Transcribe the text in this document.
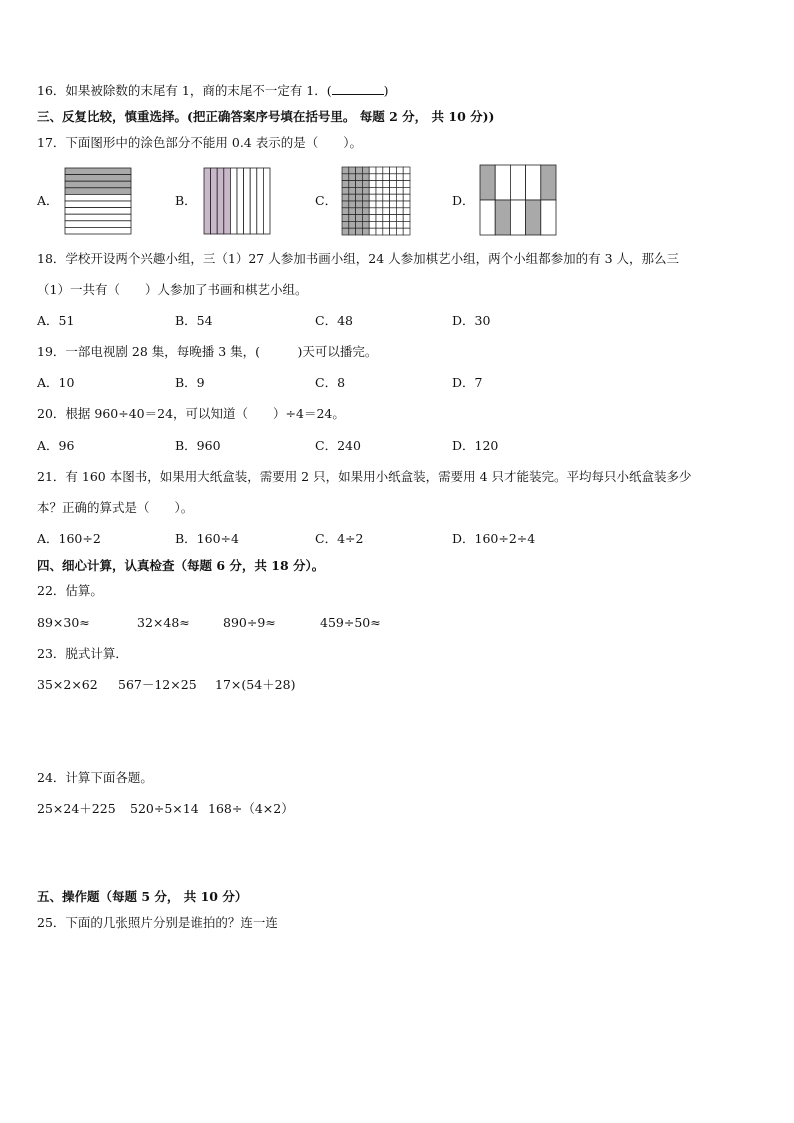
16．如果被除数的末尾有 1，商的末尾不一定有 1．(	)
三、反复比较，慎重选择。(把正确答案序号填在括号里。 每题 2 分， 共 10 分))
17．下面图形中的涂色部分不能用 0.4 表示的是（　　）。
A．	B．	C．	D．
18．学校开设两个兴趣小组，三（1）27 人参加书画小组，24 人参加棋艺小组，两个小组都参加的有 3 人，那么三
（1）一共有（　　）人参加了书画和棋艺小组。
A．51	B．54	C．48	D．30
19．一部电视剧 28 集，每晚播 3 集，(　　　)天可以播完。
A．10	B．9	C．8	D．7
20．根据 960÷40＝24，可以知道（　　）÷4＝24。
A．96	B．960	C．240	D．120
21．有 160 本图书，如果用大纸盒装，需要用 2 只，如果用小纸盒装，需要用 4 只才能装完。平均每只小纸盒装多少
本？正确的算式是（　　）。
A．160÷2	B．160÷4	C．4÷2	D．160÷2÷4
四、细心计算，认真检查（每题 6 分，共 18 分）。
22．估算。
89×30≈	32×48≈	890÷9≈	459÷50≈
23．脱式计算．
35×2×62 567－12×25 17×(54＋28)
24．计算下面各题。
25×24＋225 520÷5×14 168÷（4×2）
五、操作题（每题 5 分， 共 10 分）
25．下面的几张照片分别是谁拍的？连一连
